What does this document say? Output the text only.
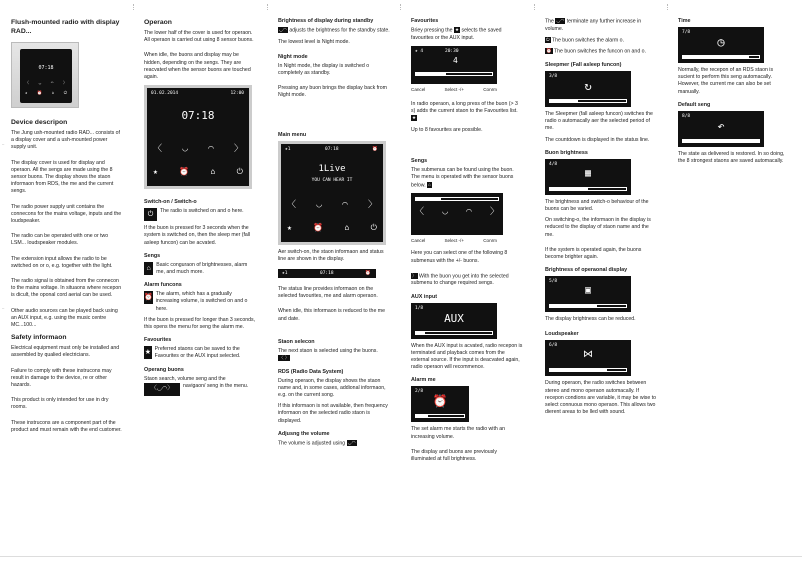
–
–
Flush-mounted radio with display RAD...
07:18
〈 ◡ ◠ 〉
★ ⏰ ⌂ ⏻
Device descripon

The Jung ush-mounted radio RAD... consists of a display cover and a ush-mounted power supply unit.

The display cover is used for display and operaon. All the sengs are made using the 8 sensor buons. The display shows the staon informaon from RDS, the me and the current sengs.

The radio power supply unit contains the connecons for the mains voltage, inputs and the loudspeaker.

The radio can be operated with one or two LSM... loudspeaker modules.

The extension input allows the radio to be switched on or o, e.g. together with the light.

The radio signal is obtained from the connecon to the mains voltage. In situaons where recepon is dicult, the oponal cord aerial can be used.

Other audio sources can be played back using an AUX input, e.g. using the music centre MC...100...

Safety informaon

Electrical equipment must only be installed and assembled by qualied electricians.

Failure to comply with these instrucons may result in damage to the device, re or other hazards.

This product is only intended for use in dry rooms.

These instrucons are a component part of the product and must remain with the end customer.

Operaon

The lower half of the cover is used for operaon. All operaon is carried out using 8 sensor buons.

When idle, the buons and display may be hidden, depending on the sengs. They are reacvated when the sensor buons are touched again.

01.02.2014	12:00
07:18
〈 ◡ ◠ 〉
★	⏰	⌂	⏻
Switch-on / Switch-o
⏻	The radio is switched on and o here.

If the buon is pressed for 3 seconds when the system is switched on, then the sleep mer (fall asleep funcon) can be acvated.

Sengs
⌂	Basic conguraon of brightnesses, alarm me, and much more.
Alarm funcons
⏰ The alarm, which has a gradually increasing volume, is switched on and o here.

If the buon is pressed for longer than 3 seconds, this opens the menu for seng the alarm me.

Favourites
★ Preferred staons can be saved to the Favourites or the AUX input selected.
Operang buons
Staon search, volume seng and the
〈◡◠〉	navigaon/ seng in the menu.
Brightness of display during standby

◡◠ adjusts the brightness for the standby state.

The lowest level is Night mode.

Night mode

In Night mode, the display is switched o completely as standby.

Pressing any buon brings the display back from Night mode.

Main menu
★1	07:18	⏰
1Live
YOU CAN HEAR IT
〈 ◡ ◠ 〉
★	⏰	⌂	⏻

Aer switch-on, the staon informaon and status line are shown in the display.

★1	07:18	⏰

The status line provides informaon on the selected favourites, me and alarm operaon.

When idle, this informaon is reduced to the me and date.

Staon selecon

The next staon is selected using the buons. 〈 〉

RDS (Radio Data System)

During operaon, the display shows the staon name and, in some cases, addional informaon, e.g. on the current song.

If this informaon is not available, then frequency informaon on the selected radio staon is displayed.

Adjusng the volume

The volume is adjusted using ◡◠

Favourites

Briey pressing the ★ selects the saved favourites or the AUX input.

★ 4	20:30
4
Cancel	Select -/+	Conrm

In radio operaon, a long press of the buon (> 3 s) adds the current staon to the Favourites list. ★

Up to 8 favourites are possible.

Sengs

The submenus can be found using the buon. The menu is operated with the sensor buons below. ⌂

〈 ◡ ◠ 〉
Cancel	Select -/+	Conrm

Here you can select one of the following 8 submenus with the +/- buons.

〉 With the buon you get into the selected submenu to change required sengs.

AUX input
1/8
AUX

When the AUX input is acvated, radio recepon is terminated and playback comes from the external source. If the input is deacvated again, radio operaon will recommence.

Alarm me
2/8
⏰

The set alarm me starts the radio with an increasing volume.

The display and buons are previously illuminated at full brightness.

The ◡◠ terminate any further increase in volume.

⏻ The buon switches the alarm o.

⏰ The buon switches the funcon on and o.

Sleepmer (Fall asleep funcon)
3/8
↻

The Sleepmer (fall asleep funcon) switches the radio o automacally aer the selected period of me.

The countdown is displayed in the status line.

Buon brightness
4/8
▦

The brightness and switch-o behaviour of the buons can be varied.

On switching-o, the informaon in the display is reduced to the display of staon name and the me.

If the system is operated again, the buons become brighter again.

Brightness of operaonal display
5/8
▣

The display brightness can be reduced.

Loudspeaker
6/8
⋈

During operaon, the radio switches between stereo and mono operaon automacally. If recepon condions are variable, it may be wise to select connuous mono operaon. This allows two dierent areas to be lled with sound.

Time
7/8
◷

Normally, the recepon of an RDS staon is sucient to perform this seng automacally. However, the current me can also be set manually.

Default seng
8/8
↶

The state as delivered is restored. In so doing, the 8 strongest staons are saved automacally.
